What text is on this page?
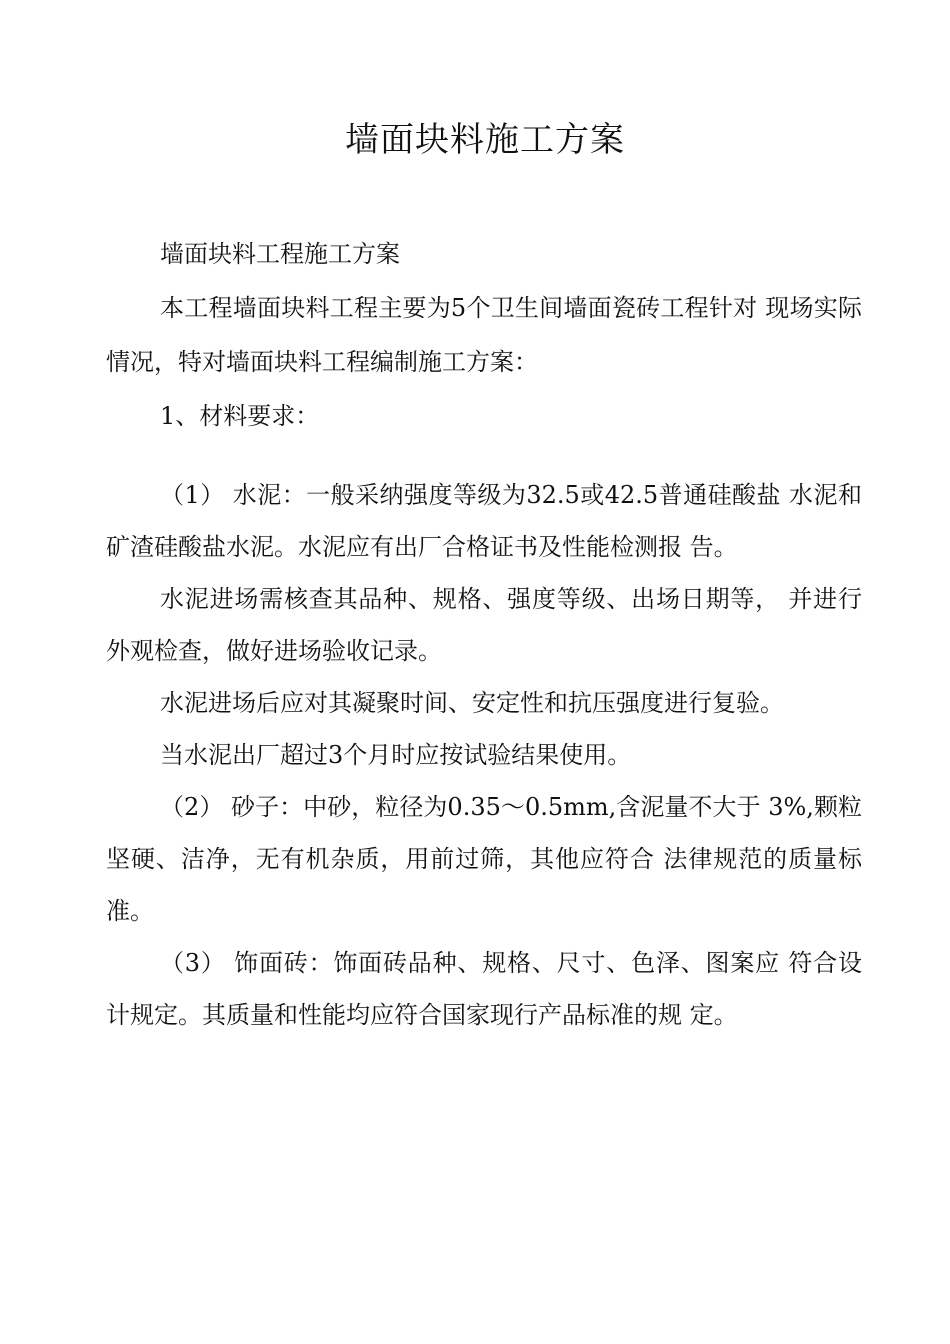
墙面块料施工方案

墙面块料工程施工方案

本工程墙面块料工程主要为5个卫生间墙面瓷砖工程针对 现场实际情况，特对墙面块料工程编制施工方案：

1、材料要求：

（1） 水泥：一般采纳强度等级为32.5或42.5普通硅酸盐 水泥和矿渣硅酸盐水泥。水泥应有出厂合格证书及性能检测报 告。

水泥进场需核查其品种、规格、强度等级、出场日期等， 并进行外观检查，做好进场验收记录。

水泥进场后应对其凝聚时间、安定性和抗压强度进行复验。

当水泥出厂超过3个月时应按试验结果使用。

（2） 砂子：中砂，粒径为0.35〜0.5mm,含泥量不大于 3%,颗粒坚硬、洁净，无有机杂质，用前过筛，其他应符合 法律规范的质量标准。

（3） 饰面砖：饰面砖品种、规格、尺寸、色泽、图案应 符合设计规定。其质量和性能均应符合国家现行产品标准的规 定。
